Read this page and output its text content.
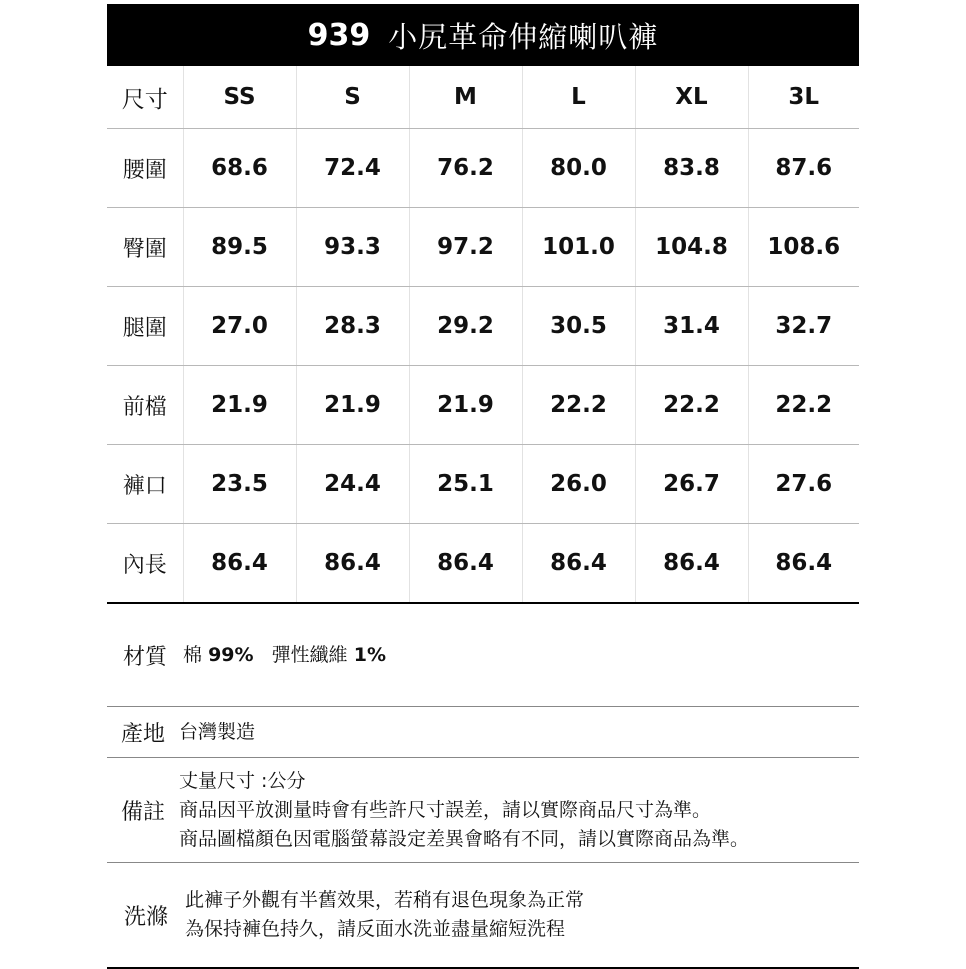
939 小尻革命伸縮喇叭褲
尺寸	SS	S	M	L	XL	3L
腰圍	68.6	72.4	76.2	80.0	83.8	87.6
臀圍	89.5	93.3	97.2	101.0	104.8	108.6
腿圍	27.0	28.3	29.2	30.5	31.4	32.7
前檔	21.9	21.9	21.9	22.2	22.2	22.2
褲口	23.5	24.4	25.1	26.0	26.7	27.6
內長	86.4	86.4	86.4	86.4	86.4	86.4
材質 棉 99% 彈性纖維 1%
產地 台灣製造
備註
丈量尺寸 :公分
商品因平放測量時會有些許尺寸誤差，請以實際商品尺寸為準。
商品圖檔顏色因電腦螢幕設定差異會略有不同，請以實際商品為準。
洗滌
此褲子外觀有半舊效果，若稍有退色現象為正常
為保持褲色持久，請反面水洗並盡量縮短洗程
